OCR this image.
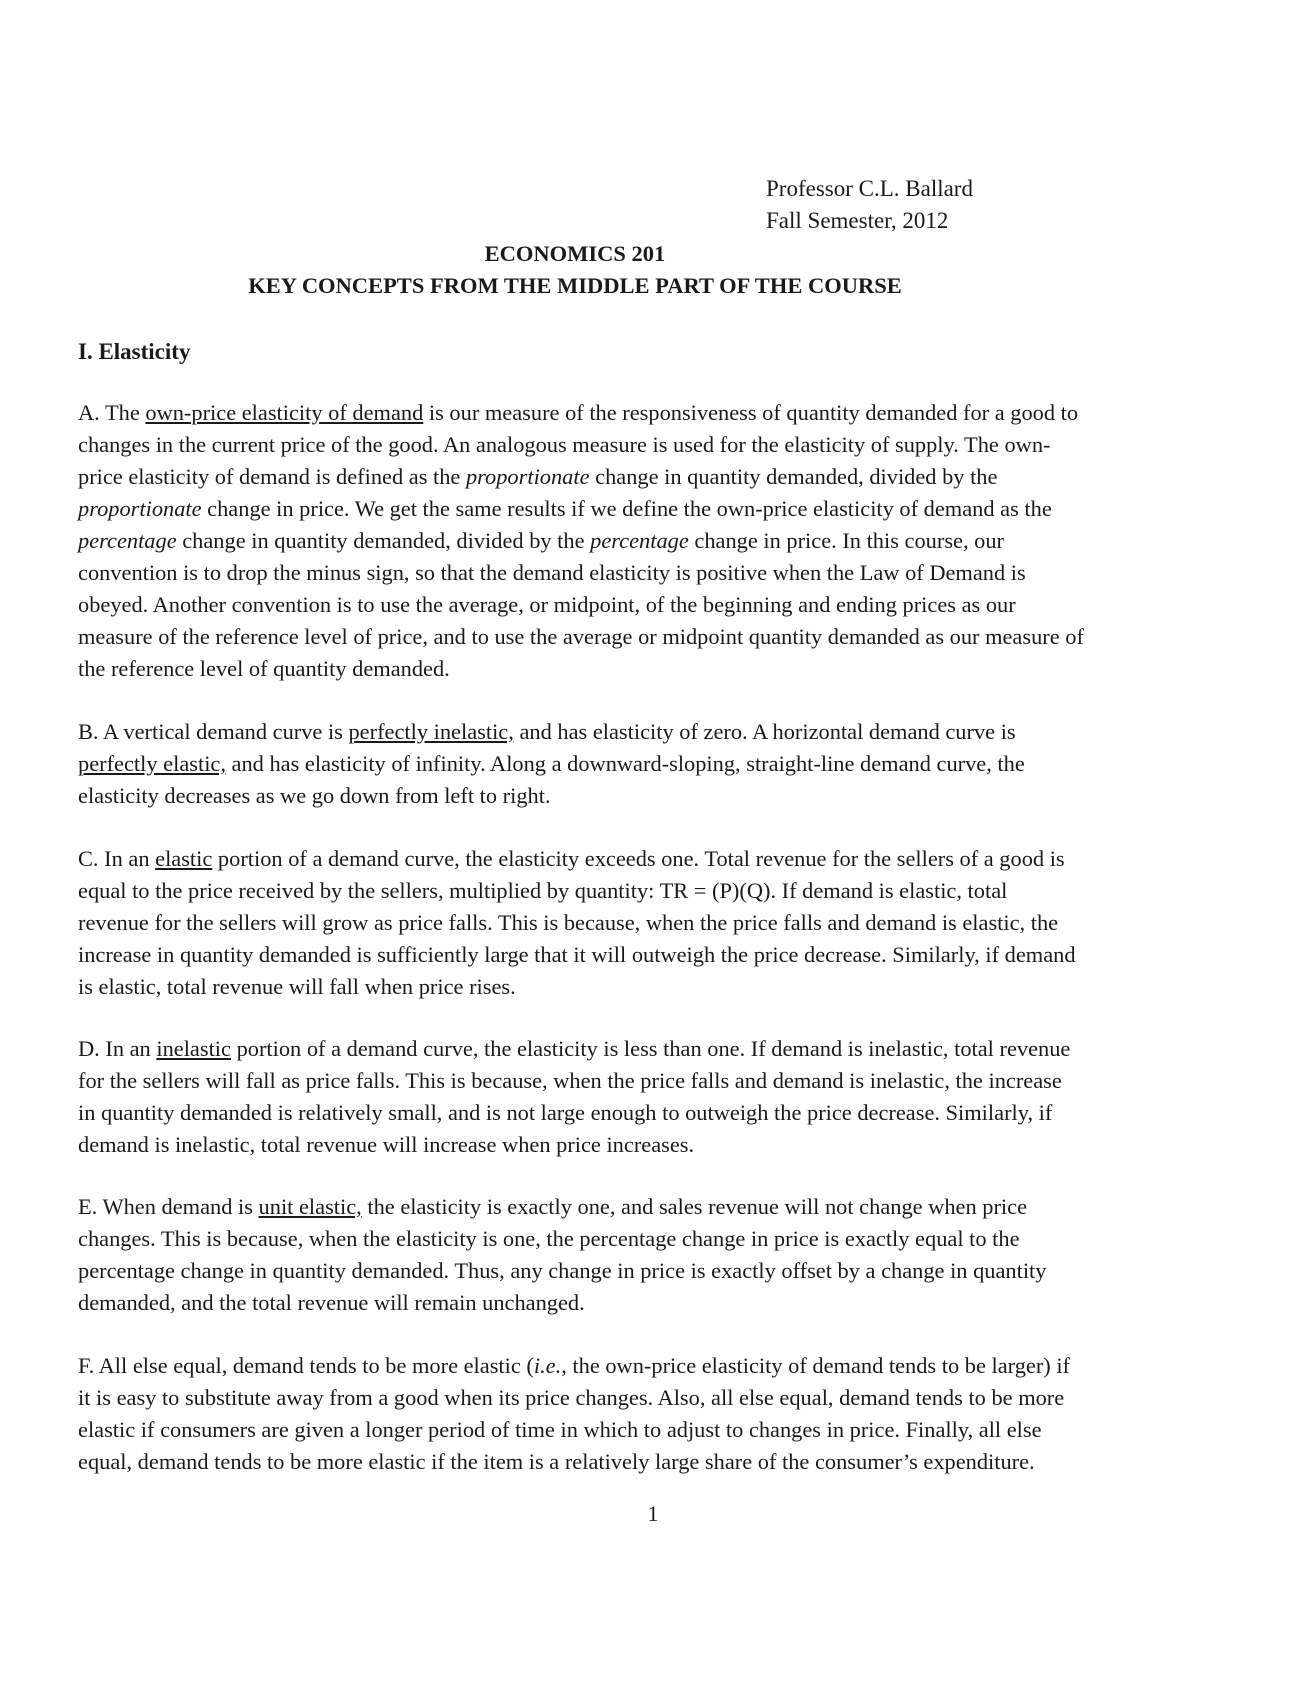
Professor C.L. Ballard
Fall Semester, 2012
ECONOMICS 201
KEY CONCEPTS FROM THE MIDDLE PART OF THE COURSE
I. Elasticity
A. The own-price elasticity of demand is our measure of the responsiveness of quantity demanded for a good to
changes in the current price of the good. An analogous measure is used for the elasticity of supply. The own-
price elasticity of demand is defined as the proportionate change in quantity demanded, divided by the
proportionate change in price. We get the same results if we define the own-price elasticity of demand as the
percentage change in quantity demanded, divided by the percentage change in price. In this course, our
convention is to drop the minus sign, so that the demand elasticity is positive when the Law of Demand is
obeyed. Another convention is to use the average, or midpoint, of the beginning and ending prices as our
measure of the reference level of price, and to use the average or midpoint quantity demanded as our measure of
the reference level of quantity demanded.
B. A vertical demand curve is perfectly inelastic, and has elasticity of zero. A horizontal demand curve is
perfectly elastic, and has elasticity of infinity. Along a downward-sloping, straight-line demand curve, the
elasticity decreases as we go down from left to right.
C. In an elastic portion of a demand curve, the elasticity exceeds one. Total revenue for the sellers of a good is
equal to the price received by the sellers, multiplied by quantity: TR = (P)(Q). If demand is elastic, total
revenue for the sellers will grow as price falls. This is because, when the price falls and demand is elastic, the
increase in quantity demanded is sufficiently large that it will outweigh the price decrease. Similarly, if demand
is elastic, total revenue will fall when price rises.
D. In an inelastic portion of a demand curve, the elasticity is less than one. If demand is inelastic, total revenue
for the sellers will fall as price falls. This is because, when the price falls and demand is inelastic, the increase
in quantity demanded is relatively small, and is not large enough to outweigh the price decrease. Similarly, if
demand is inelastic, total revenue will increase when price increases.
E. When demand is unit elastic, the elasticity is exactly one, and sales revenue will not change when price
changes. This is because, when the elasticity is one, the percentage change in price is exactly equal to the
percentage change in quantity demanded. Thus, any change in price is exactly offset by a change in quantity
demanded, and the total revenue will remain unchanged.
F. All else equal, demand tends to be more elastic (i.e., the own-price elasticity of demand tends to be larger) if
it is easy to substitute away from a good when its price changes. Also, all else equal, demand tends to be more
elastic if consumers are given a longer period of time in which to adjust to changes in price. Finally, all else
equal, demand tends to be more elastic if the item is a relatively large share of the consumer’s expenditure.
1
